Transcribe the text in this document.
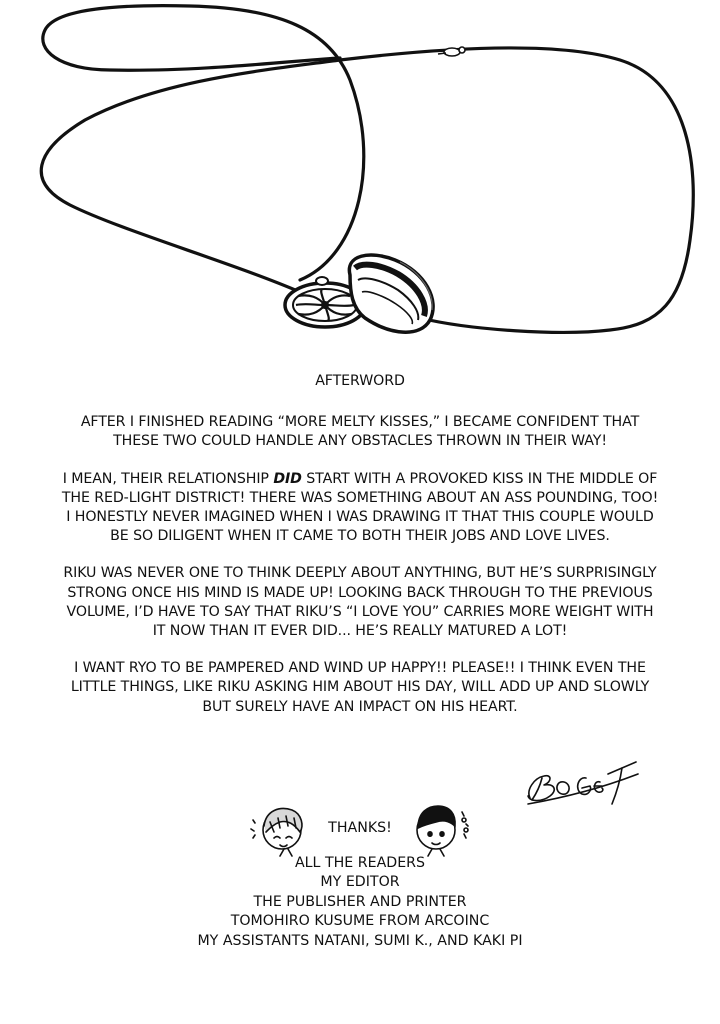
AFTERWORD

AFTER I FINISHED READING “MORE MELTY KISSES,” I BECAME CONFIDENT THAT THESE TWO COULD HANDLE ANY OBSTACLES THROWN IN THEIR WAY!

I MEAN, THEIR RELATIONSHIP DID START WITH A PROVOKED KISS IN THE MIDDLE OF THE RED-LIGHT DISTRICT! THERE WAS SOMETHING ABOUT AN ASS POUNDING, TOO! I HONESTLY NEVER IMAGINED WHEN I WAS DRAWING IT THAT THIS COUPLE WOULD BE SO DILIGENT WHEN IT CAME TO BOTH THEIR JOBS AND LOVE LIVES.

RIKU WAS NEVER ONE TO THINK DEEPLY ABOUT ANYTHING, BUT HE’S SURPRISINGLY STRONG ONCE HIS MIND IS MADE UP! LOOKING BACK THROUGH TO THE PREVIOUS VOLUME, I’D HAVE TO SAY THAT RIKU’S “I LOVE YOU” CARRIES MORE WEIGHT WITH IT NOW THAN IT EVER DID... HE’S REALLY MATURED A LOT!

I WANT RYO TO BE PAMPERED AND WIND UP HAPPY!! PLEASE!! I THINK EVEN THE LITTLE THINGS, LIKE RIKU ASKING HIM ABOUT HIS DAY, WILL ADD UP AND SLOWLY BUT SURELY HAVE AN IMPACT ON HIS HEART.

THANKS!
ALL THE READERS
MY EDITOR
THE PUBLISHER AND PRINTER
TOMOHIRO KUSUME FROM ARCOINC
MY ASSISTANTS NATANI, SUMI K., AND KAKI PI
